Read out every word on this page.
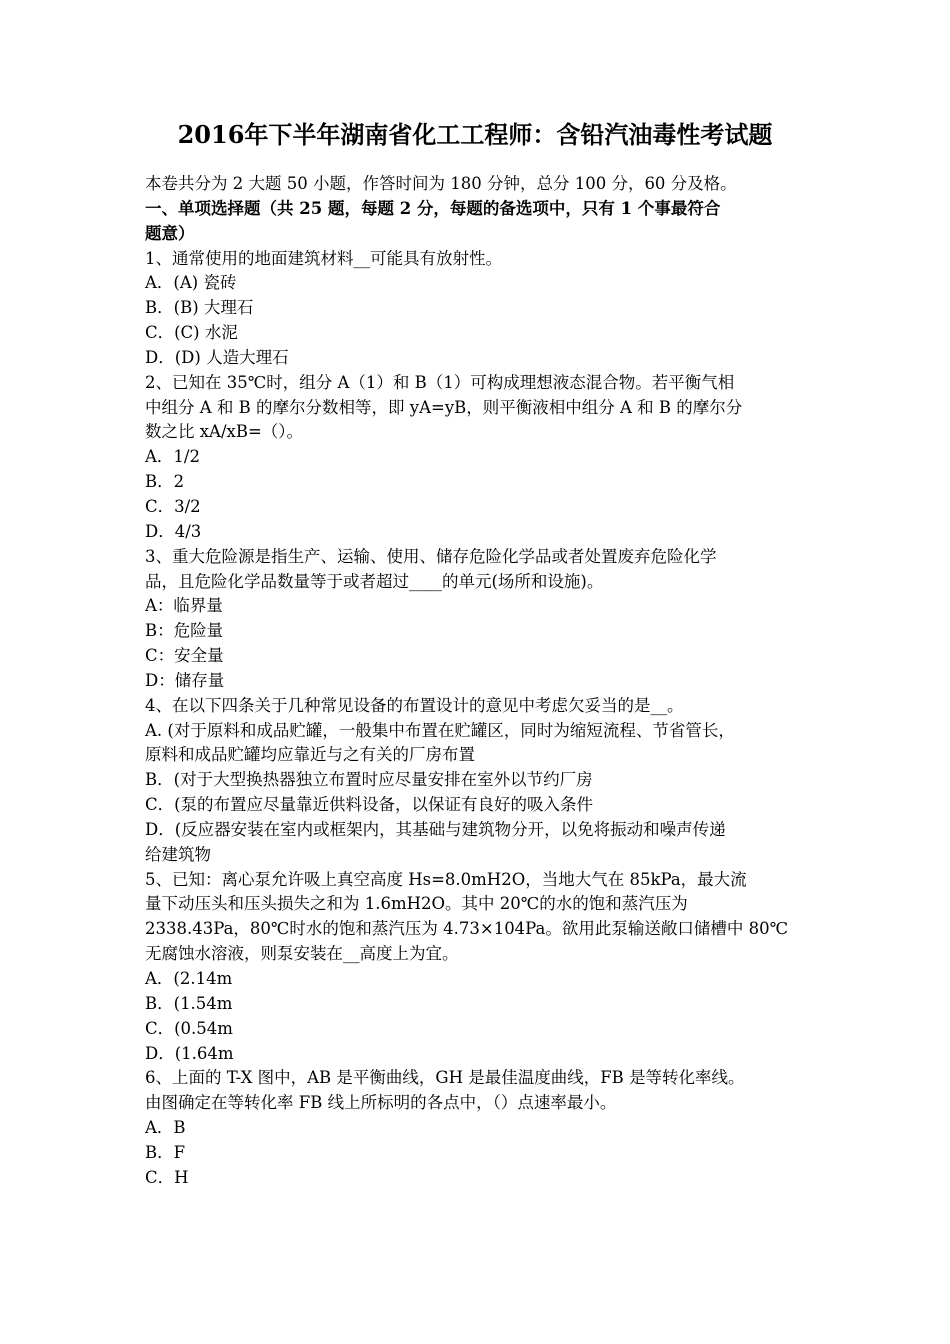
2016年下半年湖南省化工工程师：含铅汽油毒性考试题
本卷共分为 2 大题 50 小题，作答时间为 180 分钟，总分 100 分，60 分及格。
一、单项选择题（共 25 题，每题 2 分，每题的备选项中，只有 1 个事最符合
题意）
1、通常使用的地面建筑材料__可能具有放射性。
A．(A) 瓷砖
B．(B) 大理石
C．(C) 水泥
D．(D) 人造大理石
2、已知在 35℃时，组分 A（1）和 B（1）可构成理想液态混合物。若平衡气相
中组分 A 和 B 的摩尔分数相等，即 yA=yB，则平衡液相中组分 A 和 B 的摩尔分
数之比 xA/xB=（）。
A．1/2
B．2
C．3/2
D．4/3
3、重大危险源是指生产、运输、使用、储存危险化学品或者处置废弃危险化学
品，且危险化学品数量等于或者超过____的单元(场所和设施)。
A：临界量
B：危险量
C：安全量
D：储存量
4、在以下四条关于几种常见设备的布置设计的意见中考虑欠妥当的是__。
A. (对于原料和成品贮罐，一般集中布置在贮罐区，同时为缩短流程、节省管长，
原料和成品贮罐均应靠近与之有关的厂房布置
B．(对于大型换热器独立布置时应尽量安排在室外以节约厂房
C．(泵的布置应尽量靠近供料设备，以保证有良好的吸入条件
D．(反应器安装在室内或框架内，其基础与建筑物分开，以免将振动和噪声传递
给建筑物
5、已知：离心泵允许吸上真空高度 Hs=8.0mH2O，当地大气在 85kPa，最大流
量下动压头和压头损失之和为 1.6mH2O。其中 20℃的水的饱和蒸汽压为
2338.43Pa，80℃时水的饱和蒸汽压为 4.73×104Pa。欲用此泵输送敞口储槽中 80℃
无腐蚀水溶液，则泵安装在__高度上为宜。
A．(2.14m
B．(1.54m
C．(0.54m
D．(1.64m
6、上面的 T-X 图中，AB 是平衡曲线，GH 是最佳温度曲线，FB 是等转化率线。
由图确定在等转化率 FB 线上所标明的各点中，（）点速率最小。
A．B
B．F
C．H
